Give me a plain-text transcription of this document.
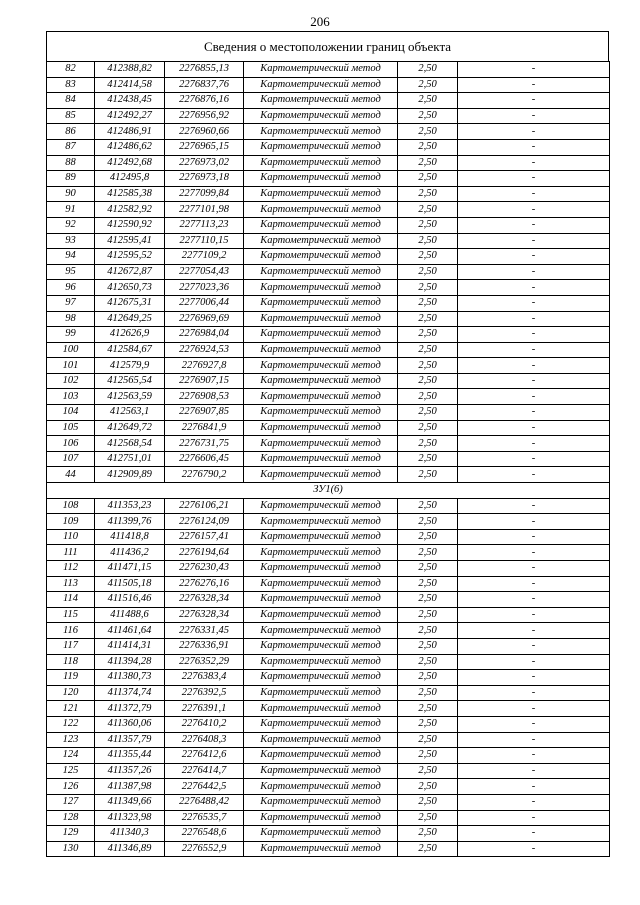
206
Сведения о местоположении границ объекта
82	412388,82	2276855,13	Картометрический метод	2,50	-
83	412414,58	2276837,76	Картометрический метод	2,50	-
84	412438,45	2276876,16	Картометрический метод	2,50	-
85	412492,27	2276956,92	Картометрический метод	2,50	-
86	412486,91	2276960,66	Картометрический метод	2,50	-
87	412486,62	2276965,15	Картометрический метод	2,50	-
88	412492,68	2276973,02	Картометрический метод	2,50	-
89	412495,8	2276973,18	Картометрический метод	2,50	-
90	412585,38	2277099,84	Картометрический метод	2,50	-
91	412582,92	2277101,98	Картометрический метод	2,50	-
92	412590,92	2277113,23	Картометрический метод	2,50	-
93	412595,41	2277110,15	Картометрический метод	2,50	-
94	412595,52	2277109,2	Картометрический метод	2,50	-
95	412672,87	2277054,43	Картометрический метод	2,50	-
96	412650,73	2277023,36	Картометрический метод	2,50	-
97	412675,31	2277006,44	Картометрический метод	2,50	-
98	412649,25	2276969,69	Картометрический метод	2,50	-
99	412626,9	2276984,04	Картометрический метод	2,50	-
100	412584,67	2276924,53	Картометрический метод	2,50	-
101	412579,9	2276927,8	Картометрический метод	2,50	-
102	412565,54	2276907,15	Картометрический метод	2,50	-
103	412563,59	2276908,53	Картометрический метод	2,50	-
104	412563,1	2276907,85	Картометрический метод	2,50	-
105	412649,72	2276841,9	Картометрический метод	2,50	-
106	412568,54	2276731,75	Картометрический метод	2,50	-
107	412751,01	2276606,45	Картометрический метод	2,50	-
44	412909,89	2276790,2	Картометрический метод	2,50	-
ЗУ1(6)					
108	411353,23	2276106,21	Картометрический метод	2,50	-
109	411399,76	2276124,09	Картометрический метод	2,50	-
110	411418,8	2276157,41	Картометрический метод	2,50	-
111	411436,2	2276194,64	Картометрический метод	2,50	-
112	411471,15	2276230,43	Картометрический метод	2,50	-
113	411505,18	2276276,16	Картометрический метод	2,50	-
114	411516,46	2276328,34	Картометрический метод	2,50	-
115	411488,6	2276328,34	Картометрический метод	2,50	-
116	411461,64	2276331,45	Картометрический метод	2,50	-
117	411414,31	2276336,91	Картометрический метод	2,50	-
118	411394,28	2276352,29	Картометрический метод	2,50	-
119	411380,73	2276383,4	Картометрический метод	2,50	-
120	411374,74	2276392,5	Картометрический метод	2,50	-
121	411372,79	2276391,1	Картометрический метод	2,50	-
122	411360,06	2276410,2	Картометрический метод	2,50	-
123	411357,79	2276408,3	Картометрический метод	2,50	-
124	411355,44	2276412,6	Картометрический метод	2,50	-
125	411357,26	2276414,7	Картометрический метод	2,50	-
126	411387,98	2276442,5	Картометрический метод	2,50	-
127	411349,66	2276488,42	Картометрический метод	2,50	-
128	411323,98	2276535,7	Картометрический метод	2,50	-
129	411340,3	2276548,6	Картометрический метод	2,50	-
130	411346,89	2276552,9	Картометрический метод	2,50	-
